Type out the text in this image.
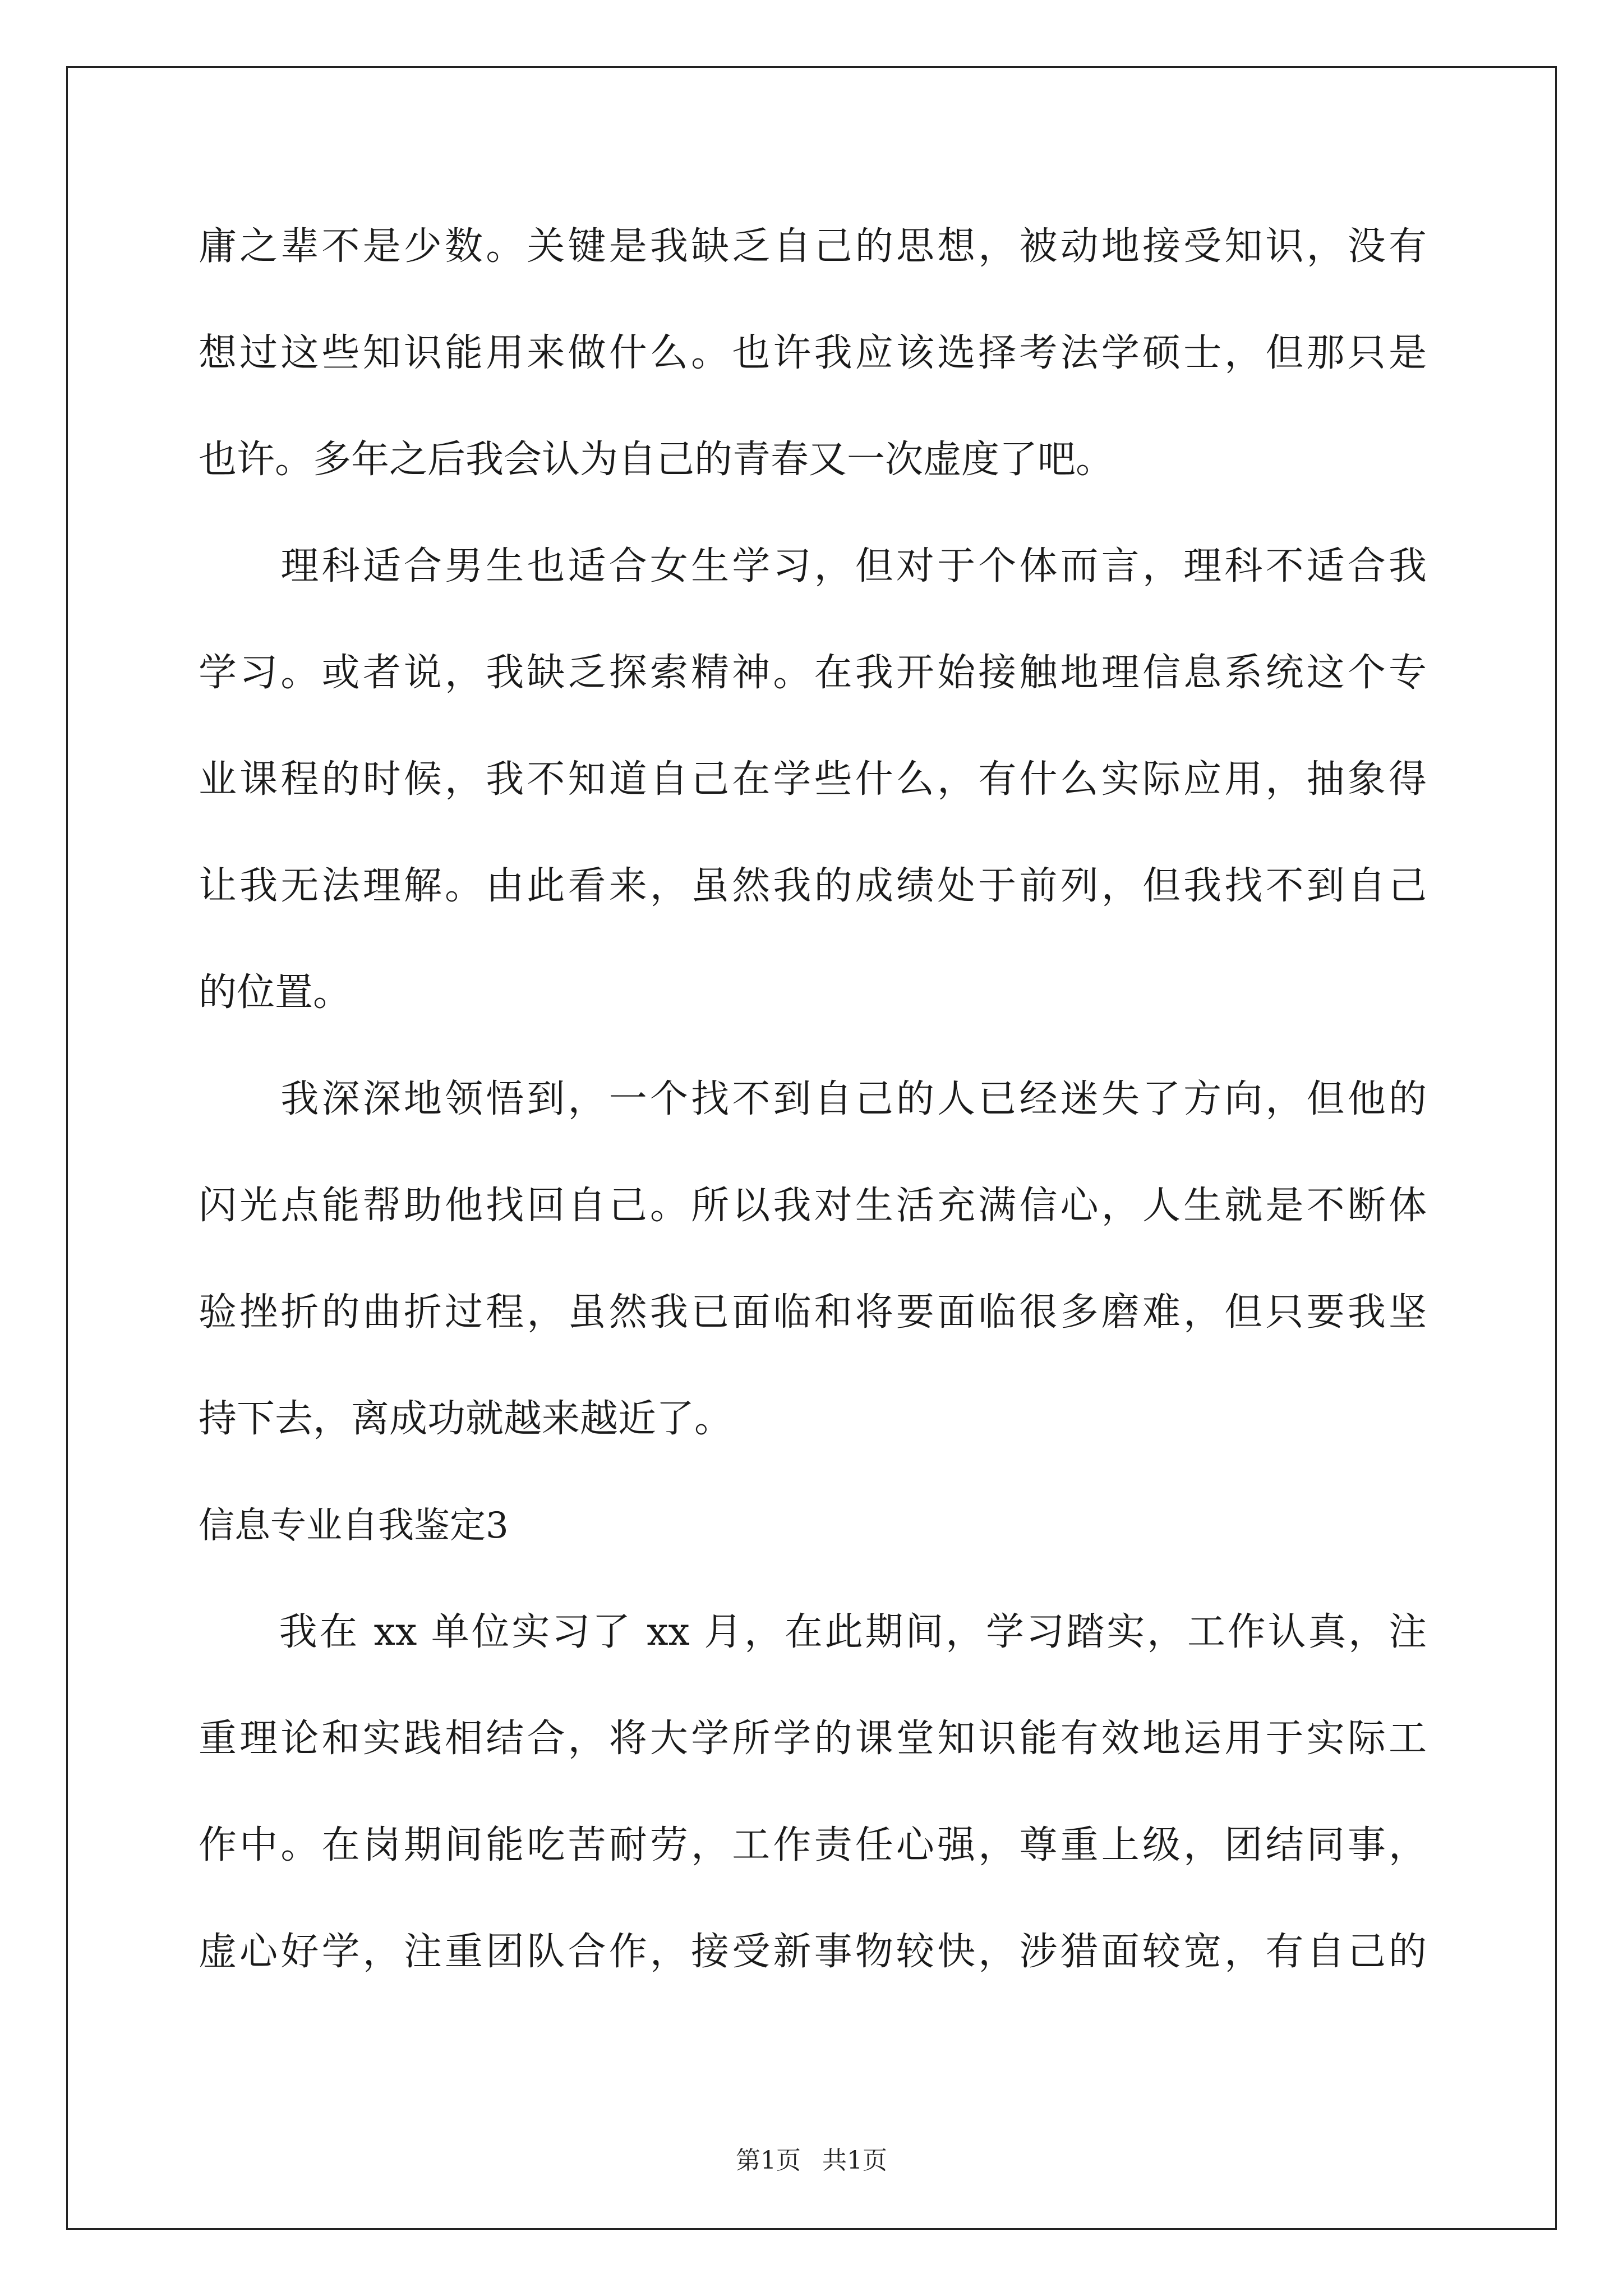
庸之辈不是少数。关键是我缺乏自己的思想，被动地接受知识，没有
想过这些知识能用来做什么。也许我应该选择考法学硕士，但那只是
也许。多年之后我会认为自己的青春又一次虚度了吧。
　　理科适合男生也适合女生学习，但对于个体而言，理科不适合我
学习。或者说，我缺乏探索精神。在我开始接触地理信息系统这个专
业课程的时候，我不知道自己在学些什么，有什么实际应用，抽象得
让我无法理解。由此看来，虽然我的成绩处于前列，但我找不到自己
的位置。
　　我深深地领悟到，一个找不到自己的人已经迷失了方向，但他的
闪光点能帮助他找回自己。所以我对生活充满信心，人生就是不断体
验挫折的曲折过程，虽然我已面临和将要面临很多磨难，但只要我坚
持下去，离成功就越来越近了。
信息专业自我鉴定3
　　我在 xx 单位实习了 xx 月，在此期间，学习踏实，工作认真，注
重理论和实践相结合，将大学所学的课堂知识能有效地运用于实际工
作中。在岗期间能吃苦耐劳，工作责任心强，尊重上级，团结同事，
虚心好学，注重团队合作，接受新事物较快，涉猎面较宽，有自己的
第1页 共1页
